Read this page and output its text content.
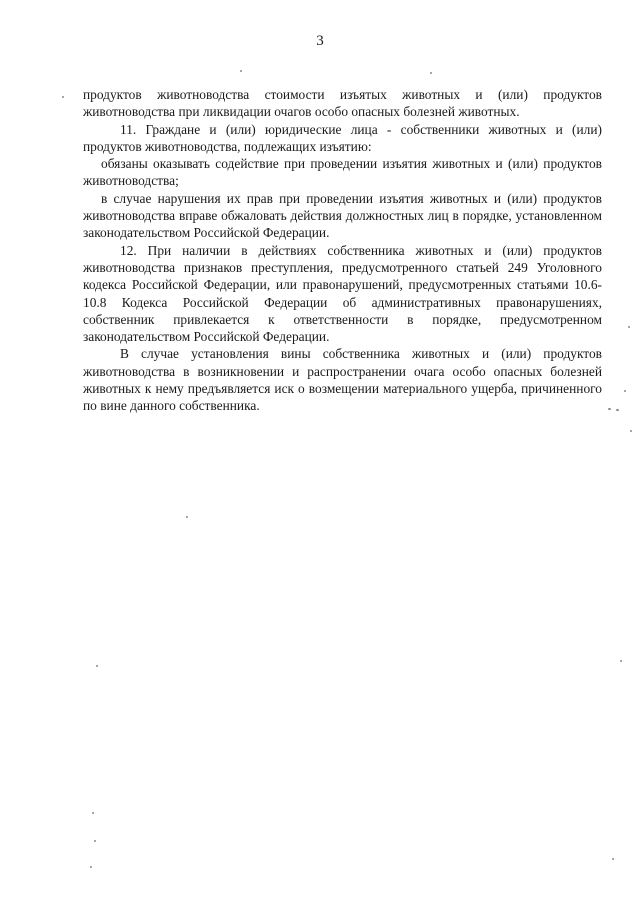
3

продуктов животноводства стоимости изъятых животных и (или) продуктов животноводства при ликвидации очагов особо опасных болезней животных.

11. Граждане и (или) юридические лица - собственники животных и (или) продуктов животноводства, подлежащих изъятию:

обязаны оказывать содействие при проведении изъятия животных и (или) продуктов животноводства;

в случае нарушения их прав при проведении изъятия животных и (или) продуктов животноводства вправе обжаловать действия должностных лиц в порядке, установленном законодательством Российской Федерации.

12. При наличии в действиях собственника животных и (или) продуктов животноводства признаков преступления, предусмотренного статьей 249 Уголовного кодекса Российской Федерации, или правонарушений, предусмотренных статьями 10.6-10.8 Кодекса Российской Федерации об административных правонарушениях, собственник привлекается к ответственности в порядке, предусмотренном законодательством Российской Федерации.

В случае установления вины собственника животных и (или) продуктов животноводства в возникновении и распространении очага особо опасных болезней животных к нему предъявляется иск о возмещении материального ущерба, причиненного по вине данного собственника.
